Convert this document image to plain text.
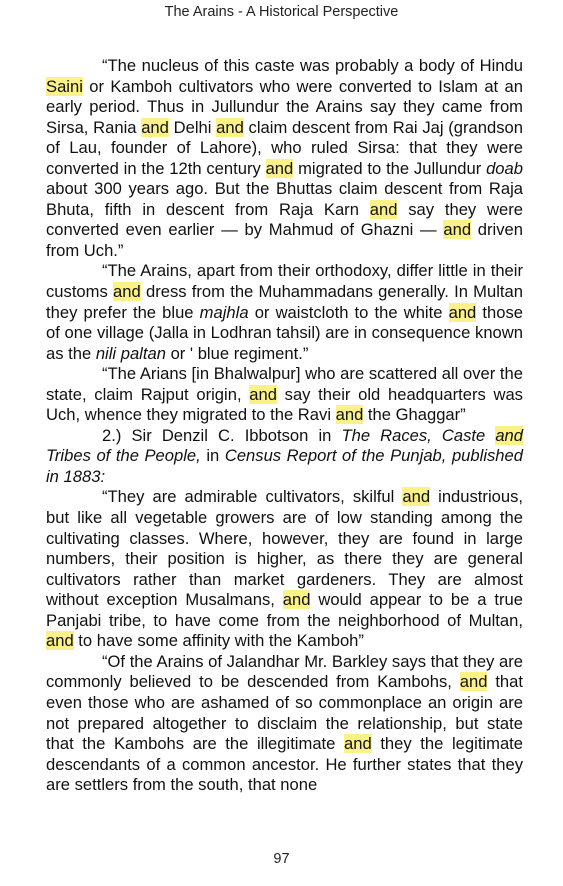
The Arains - A Historical Perspective

“The nucleus of this caste was probably a body of Hindu Saini or Kamboh cultivators who were converted to Islam at an early period. Thus in Jullundur the Arains say they came from Sirsa, Rania and Delhi and claim descent from Rai Jaj (grandson of Lau, founder of Lahore), who ruled Sirsa: that they were converted in the 12th century and migrated to the Jullundur doab about 300 years ago. But the Bhuttas claim descent from Raja Bhuta, fifth in descent from Raja Karn and say they were converted even earlier — by Mahmud of Ghazni — and driven from Uch.”

“The Arains, apart from their orthodoxy, differ little in their customs and dress from the Muhammadans generally. In Multan they prefer the blue majhla or waistcloth to the white and those of one village (Jalla in Lodhran tahsil) are in consequence known as the nili paltan or ' blue regiment.”

“The Arians [in Bhalwalpur] who are scattered all over the state, claim Rajput origin, and say their old headquarters was Uch, whence they migrated to the Ravi and the Ghaggar”

2.) Sir Denzil C. Ibbotson in The Races, Caste and Tribes of the People, in Census Report of the Punjab, published in 1883:

“They are admirable cultivators, skilful and industrious, but like all vegetable growers are of low standing among the cultivating classes. Where, however, they are found in large numbers, their position is higher, as there they are general cultivators rather than market gardeners. They are almost without exception Musalmans, and would appear to be a true Panjabi tribe, to have come from the neighborhood of Multan, and to have some affinity with the Kamboh”

“Of the Arains of Jalandhar Mr. Barkley says that they are commonly believed to be descended from Kambohs, and that even those who are ashamed of so commonplace an origin are not prepared altogether to disclaim the relationship, but state that the Kambohs are the illegitimate and they the legitimate descendants of a common ancestor. He further states that they are settlers from the south, that none

97
